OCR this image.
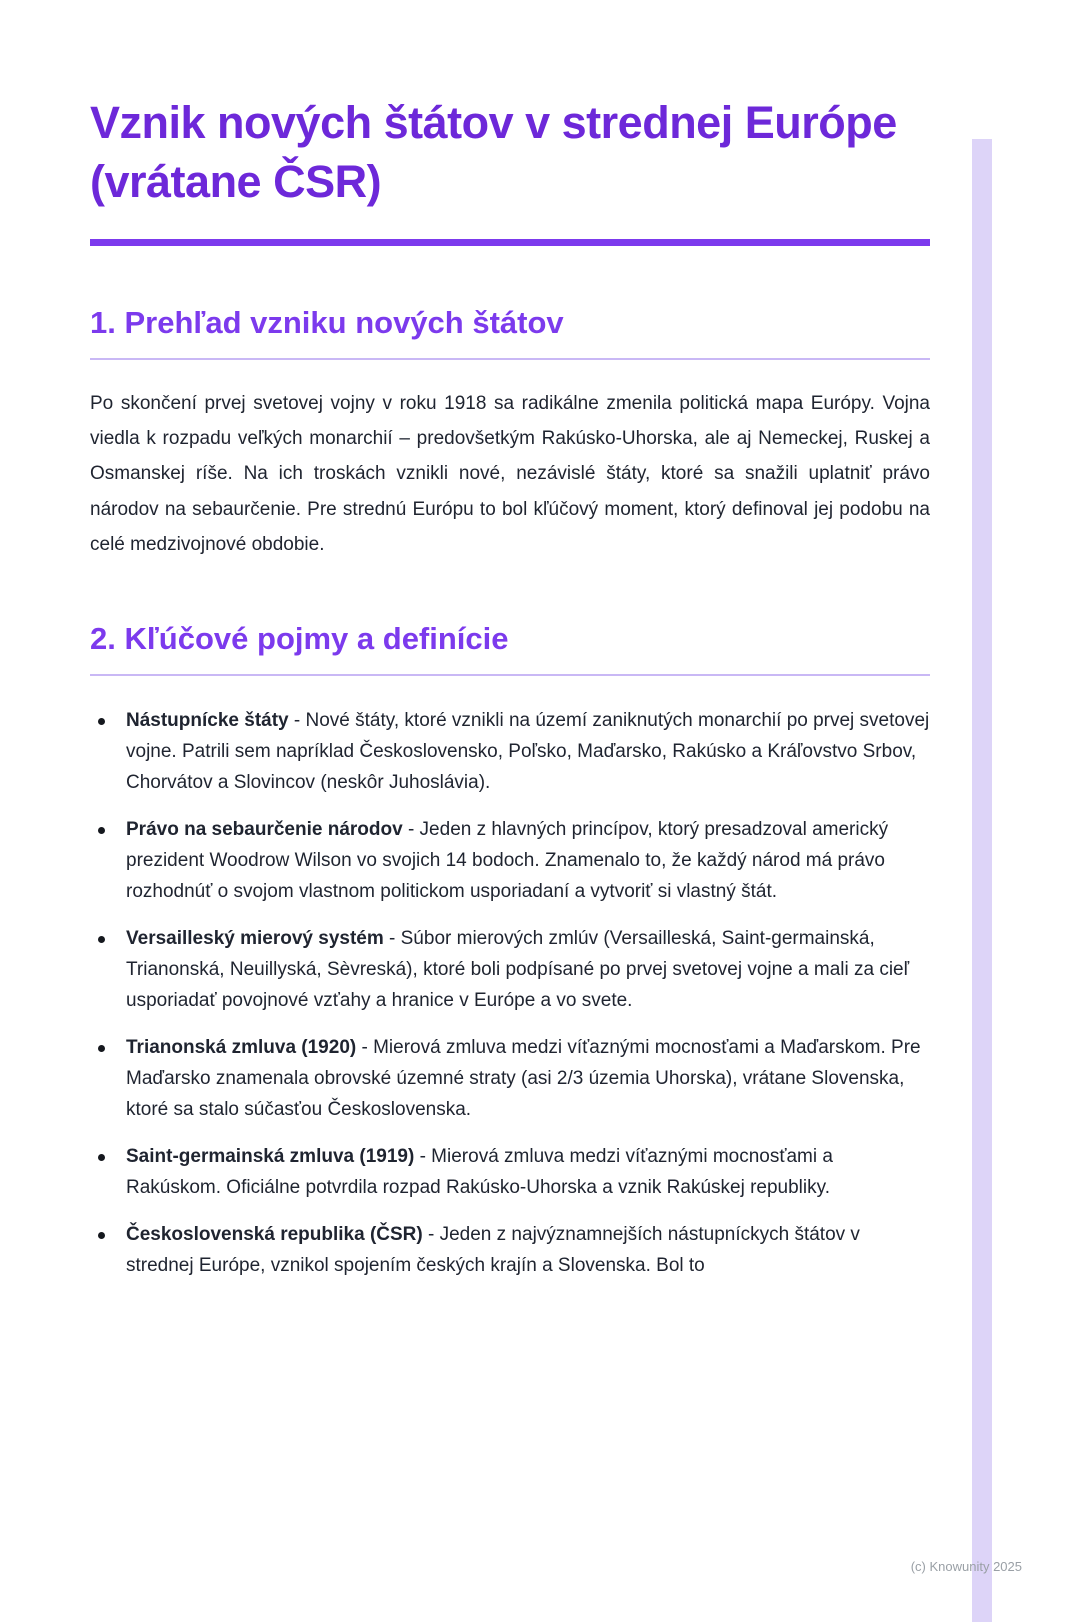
Vznik nových štátov v strednej Európe (vrátane ČSR)
1. Prehľad vzniku nových štátov

Po skončení prvej svetovej vojny v roku 1918 sa radikálne zmenila politická mapa Európy. Vojna viedla k rozpadu veľkých monarchií – predovšetkým Rakúsko-Uhorska, ale aj Nemeckej, Ruskej a Osmanskej ríše. Na ich troskách vznikli nové, nezávislé štáty, ktoré sa snažili uplatniť právo národov na sebaurčenie. Pre strednú Európu to bol kľúčový moment, ktorý definoval jej podobu na celé medzivojnové obdobie.

2. Kľúčové pojmy a definície
Nástupnícke štáty - Nové štáty, ktoré vznikli na území zaniknutých monarchií po prvej svetovej vojne. Patrili sem napríklad Československo, Poľsko, Maďarsko, Rakúsko a Kráľovstvo Srbov, Chorvátov a Slovincov (neskôr Juhoslávia).
Právo na sebaurčenie národov - Jeden z hlavných princípov, ktorý presadzoval americký prezident Woodrow Wilson vo svojich 14 bodoch. Znamenalo to, že každý národ má právo rozhodnúť o svojom vlastnom politickom usporiadaní a vytvoriť si vlastný štát.
Versailleský mierový systém - Súbor mierových zmlúv (Versailleská, Saint-germainská, Trianonská, Neuillyská, Sèvreská), ktoré boli podpísané po prvej svetovej vojne a mali za cieľ usporiadať povojnové vzťahy a hranice v Európe a vo svete.
Trianonská zmluva (1920) - Mierová zmluva medzi víťaznými mocnosťami a Maďarskom. Pre Maďarsko znamenala obrovské územné straty (asi 2/3 územia Uhorska), vrátane Slovenska, ktoré sa stalo súčasťou Československa.
Saint-germainská zmluva (1919) - Mierová zmluva medzi víťaznými mocnosťami a Rakúskom. Oficiálne potvrdila rozpad Rakúsko-Uhorska a vznik Rakúskej republiky.
Československá republika (ČSR) - Jeden z najvýznamnejších nástupníckych štátov v strednej Európe, vznikol spojením českých krajín a Slovenska. Bol to
(c) Knowunity 2025
